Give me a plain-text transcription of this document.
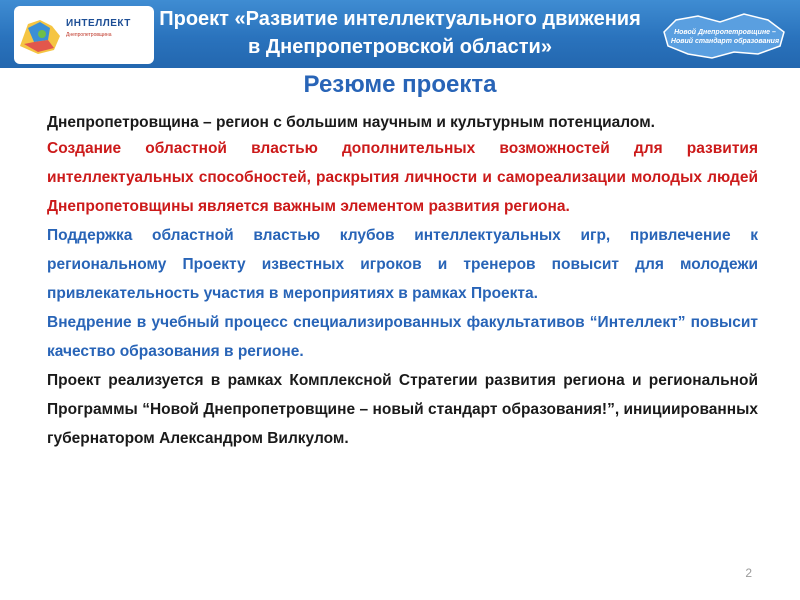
ИНТЕЛЛЕКТ
Днепропетровщина
Проект «Развитие интеллектуального движения
в Днепропетровской области»
Новой Днепропетровщине –
Новий стандарт образования
Резюме проекта

Днепропетровщина – регион с большим научным и культурным потенциалом.

Создание областной властью дополнительных возможностей для развития интеллектуальных способностей, раскрытия личности и самореализации молодых людей Днепропетовщины является важным элементом развития региона.

Поддержка областной властью клубов интеллектуальных игр, привлечение к региональному Проекту известных игроков и тренеров повысит для молодежи привлекательность участия в мероприятиях в рамках Проекта.

Внедрение в учебный процесс специализированных факультативов “Интеллект” повысит качество образования в регионе.

Проект реализуется в рамках Комплексной Стратегии развития региона и региональной Программы “Новой Днепропетровщине – новый стандарт образования!”, инициированных губернатором Александром Вилкулом.

2
